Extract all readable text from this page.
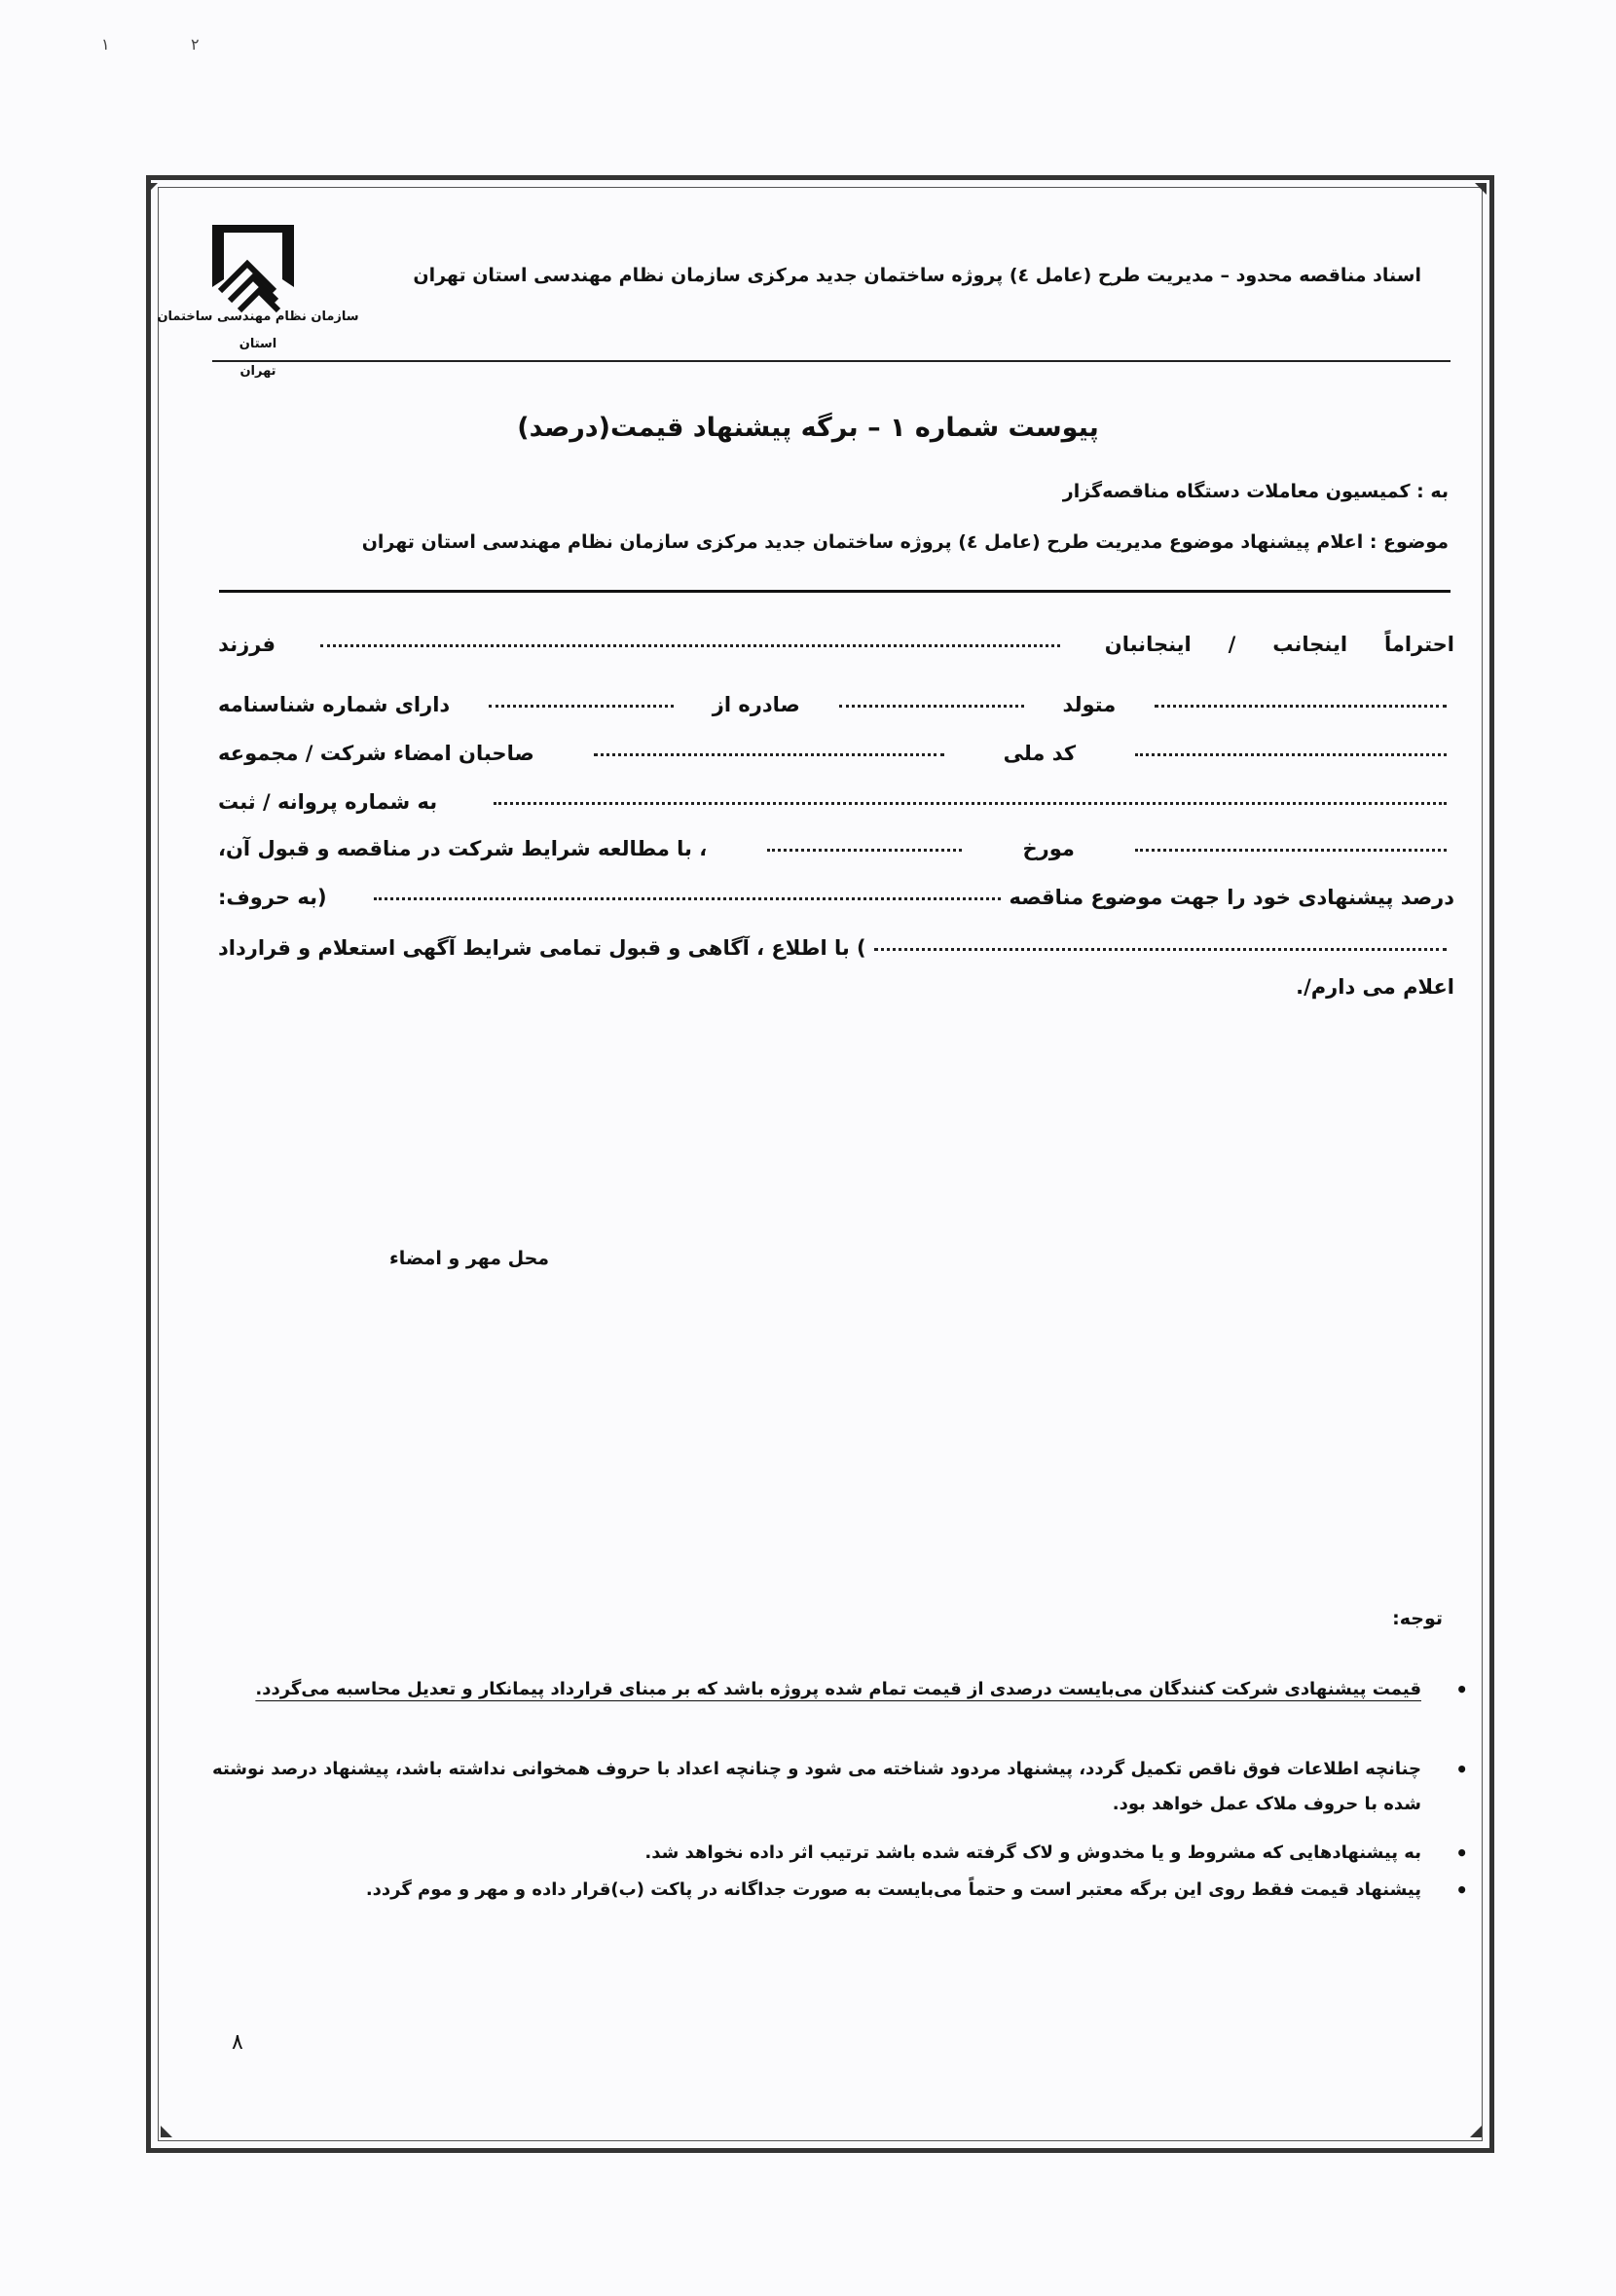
١	٢
سازمان نظام مهندسی ساختمان استان
تهران
اسناد مناقصه محدود – مدیریت طرح (عامل ٤) پروژه ساختمان جدید مرکزی سازمان نظام مهندسی استان تهران
پیوست شماره ١ – برگه پیشنهاد قیمت(درصد)
به : کمیسیون معاملات دستگاه مناقصه‌گزار
موضوع : اعلام پیشنهاد موضوع مدیریت طرح (عامل ٤) پروژه ساختمان جدید مرکزی سازمان نظام مهندسی استان تهران
احتراماً
اینجانب
/
اینجانبان
فرزند
متولد
صادره از
دارای شماره شناسنامه
کد ملی
صاحبان امضاء شرکت / مجموعه
به شماره پروانه / ثبت
مورخ
، با مطالعه شرایط شرکت در مناقصه و قبول آن،
درصد پیشنهادی خود را جهت موضوع مناقصه
(به حروف:
) با اطلاع ، آگاهی و قبول تمامی شرایط آگهی استعلام و قرارداد
اعلام می دارم/.
محل مهر و امضاء
توجه:
•
قیمت پیشنهادی شرکت کنندگان می‌بایست درصدی از قیمت تمام شده پروژه باشد که بر مبنای قرارداد پیمانکار و تعدیل محاسبه می‌گردد.
•
چنانچه اطلاعات فوق ناقص تکمیل گردد، پیشنهاد مردود شناخته می شود و چنانچه اعداد با حروف همخوانی نداشته باشد، پیشنهاد درصد نوشته شده با حروف ملاک عمل خواهد بود.
•
به پیشنهادهایی که مشروط و یا مخدوش و لاک گرفته شده باشد ترتیب اثر داده نخواهد شد.
•
پیشنهاد قیمت فقط روی این برگه معتبر است و حتماً می‌بایست به صورت جداگانه در پاکت (ب)قرار داده و مهر و موم گردد.
٨
